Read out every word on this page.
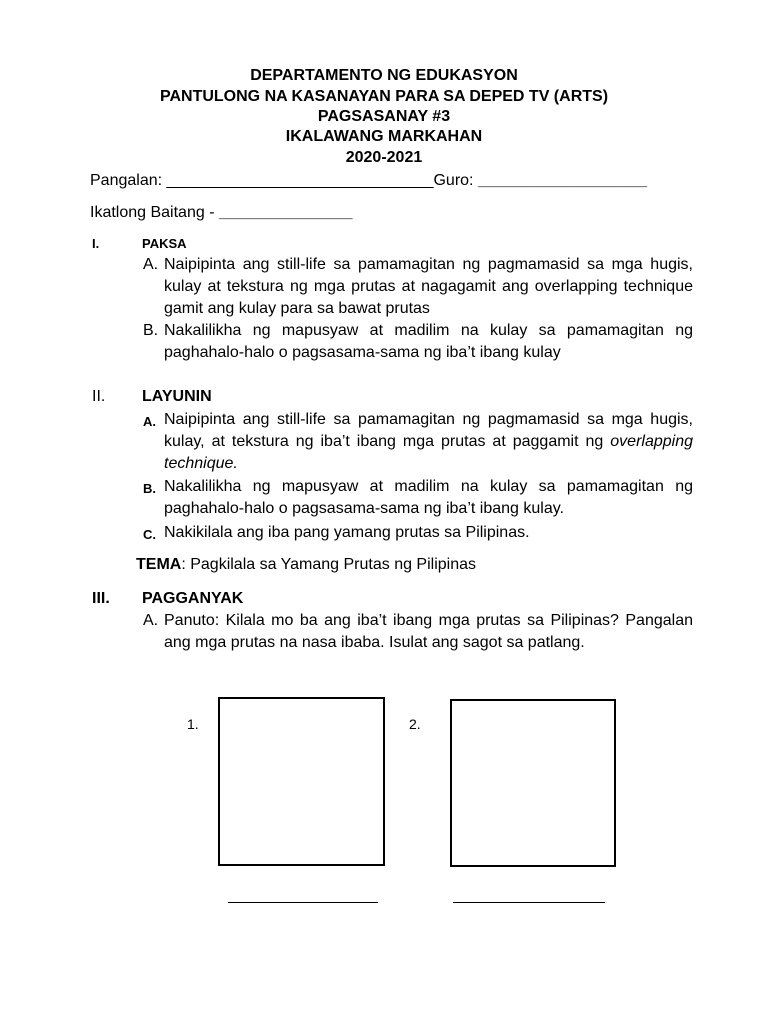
DEPARTAMENTO NG EDUKASYON
PANTULONG NA KASANAYAN PARA SA DEPED TV (ARTS)
PAGSASANAY #3
IKALAWANG MARKAHAN
2020-2021
Pangalan: ______________________________Guro: ___________________
Ikatlong Baitang - _______________
I.	PAKSA
A. Naipipinta ang still-life sa pamamagitan ng pagmamasid sa mga hugis, kulay at tekstura ng mga prutas at nagagamit ang overlapping technique gamit ang kulay para sa bawat prutas
B. Nakalilikha ng mapusyaw at madilim na kulay sa pamamagitan ng paghahalo-halo o pagsasama-sama ng iba’t ibang kulay
II. LAYUNIN
A. Naipipinta ang still-life sa pamamagitan ng pagmamasid sa mga hugis, kulay, at tekstura ng iba’t ibang mga prutas at paggamit ng overlapping technique.
B. Nakalilikha ng mapusyaw at madilim na kulay sa pamamagitan ng paghahalo-halo o pagsasama-sama ng iba’t ibang kulay.
C. Nakikilala ang iba pang yamang prutas sa Pilipinas.
TEMA: Pagkilala sa Yamang Prutas ng Pilipinas
III. PAGGANYAK
A. Panuto: Kilala mo ba ang iba’t ibang mga prutas sa Pilipinas? Pangalan ang mga prutas na nasa ibaba. Isulat ang sagot sa patlang.
1.	2.
